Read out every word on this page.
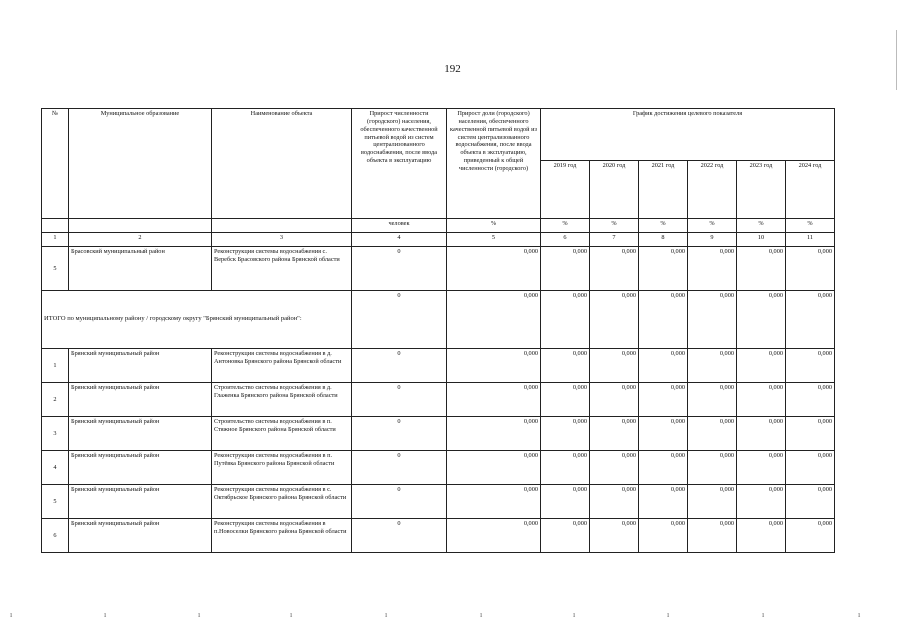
192
№	Муниципальное образование	Наименование объекта	Прирост численности (городского) населения, обеспеченного качественной питьевой водой из систем централизованного водоснабжения, после ввода объекта в эксплуатацию	Прирост доли (городского) населения, обеспеченного качественной питьевой водой из систем централизованного водоснабжения, после ввода объекта в эксплуатацию, приведенный к общей численности (городского)	График достижения целевого показателя					
					2019 год	2020 год	2021 год	2022 год	2023 год	2024 год
			человек	%	%	%	%	%	%	%
1	2	3	4	5	6	7	8	9	10	11
5	Брасовский муниципальный район	Реконструкция системы водоснабжения с. Веребск Брасовского района Брянской области	0	0,000	0,000	0,000	0,000	0,000	0,000	0,000
ИТОГО по муниципальному району / городскому округу "Брянский муниципальный район":			0	0,000	0,000	0,000	0,000	0,000	0,000	0,000
1	Брянский муниципальный район	Реконструкция системы водоснабжения в д. Антоновка Брянского района Брянской области	0	0,000	0,000	0,000	0,000	0,000	0,000	0,000
2	Брянский муниципальный район	Строительство системы водоснабжения в д. Глаженка Брянского района Брянской области	0	0,000	0,000	0,000	0,000	0,000	0,000	0,000
3	Брянский муниципальный район	Строительство системы водоснабжения в п. Стяжное Брянского района Брянской области	0	0,000	0,000	0,000	0,000	0,000	0,000	0,000
4	Брянский муниципальный район	Реконструкция системы водоснабжения в п. Путёвка Брянского района Брянской области	0	0,000	0,000	0,000	0,000	0,000	0,000	0,000
5	Брянский муниципальный район	Реконструкция системы водоснабжения в с. Октябрьское Брянского района Брянской области	0	0,000	0,000	0,000	0,000	0,000	0,000	0,000
6	Брянский муниципальный район	Реконструкция системы водоснабжения в п.Новоселки Брянского района Брянской области	0	0,000	0,000	0,000	0,000	0,000	0,000	0,000
ı	ı	ı	ı	ı	ı	ı	ı	ı	ı
